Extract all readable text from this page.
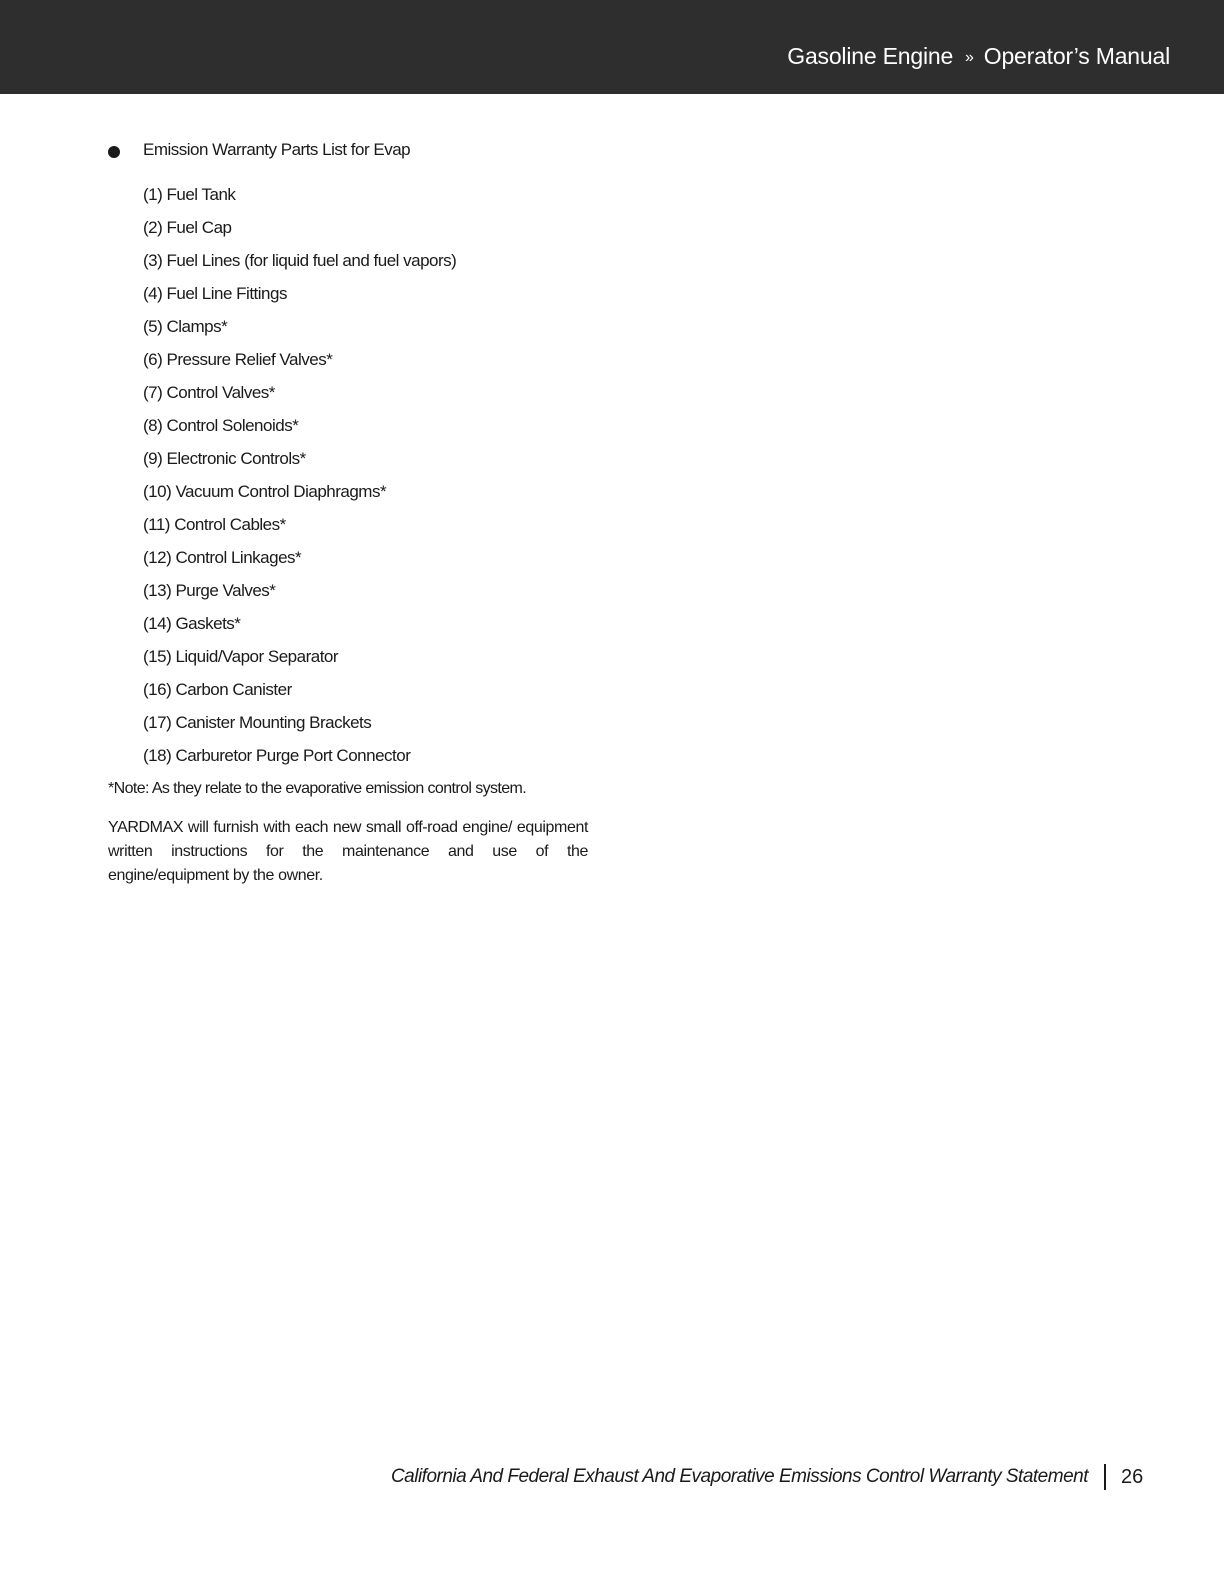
Gasoline Engine » Operator’s Manual
Emission Warranty Parts List for Evap
(1) Fuel Tank
(2) Fuel Cap
(3) Fuel Lines (for liquid fuel and fuel vapors)
(4) Fuel Line Fittings
(5) Clamps*
(6) Pressure Relief Valves*
(7) Control Valves*
(8) Control Solenoids*
(9) Electronic Controls*
(10) Vacuum Control Diaphragms*
(11) Control Cables*
(12) Control Linkages*
(13) Purge Valves*
(14) Gaskets*
(15) Liquid/Vapor Separator
(16) Carbon Canister
(17) Canister Mounting Brackets
(18) Carburetor Purge Port Connector
*Note: As they relate to the evaporative emission control system.
YARDMAX will furnish with each new small off-road engine/ equipment written instructions for the maintenance and use of the engine/equipment by the owner.
California And Federal Exhaust And Evaporative Emissions Control Warranty Statement 26
